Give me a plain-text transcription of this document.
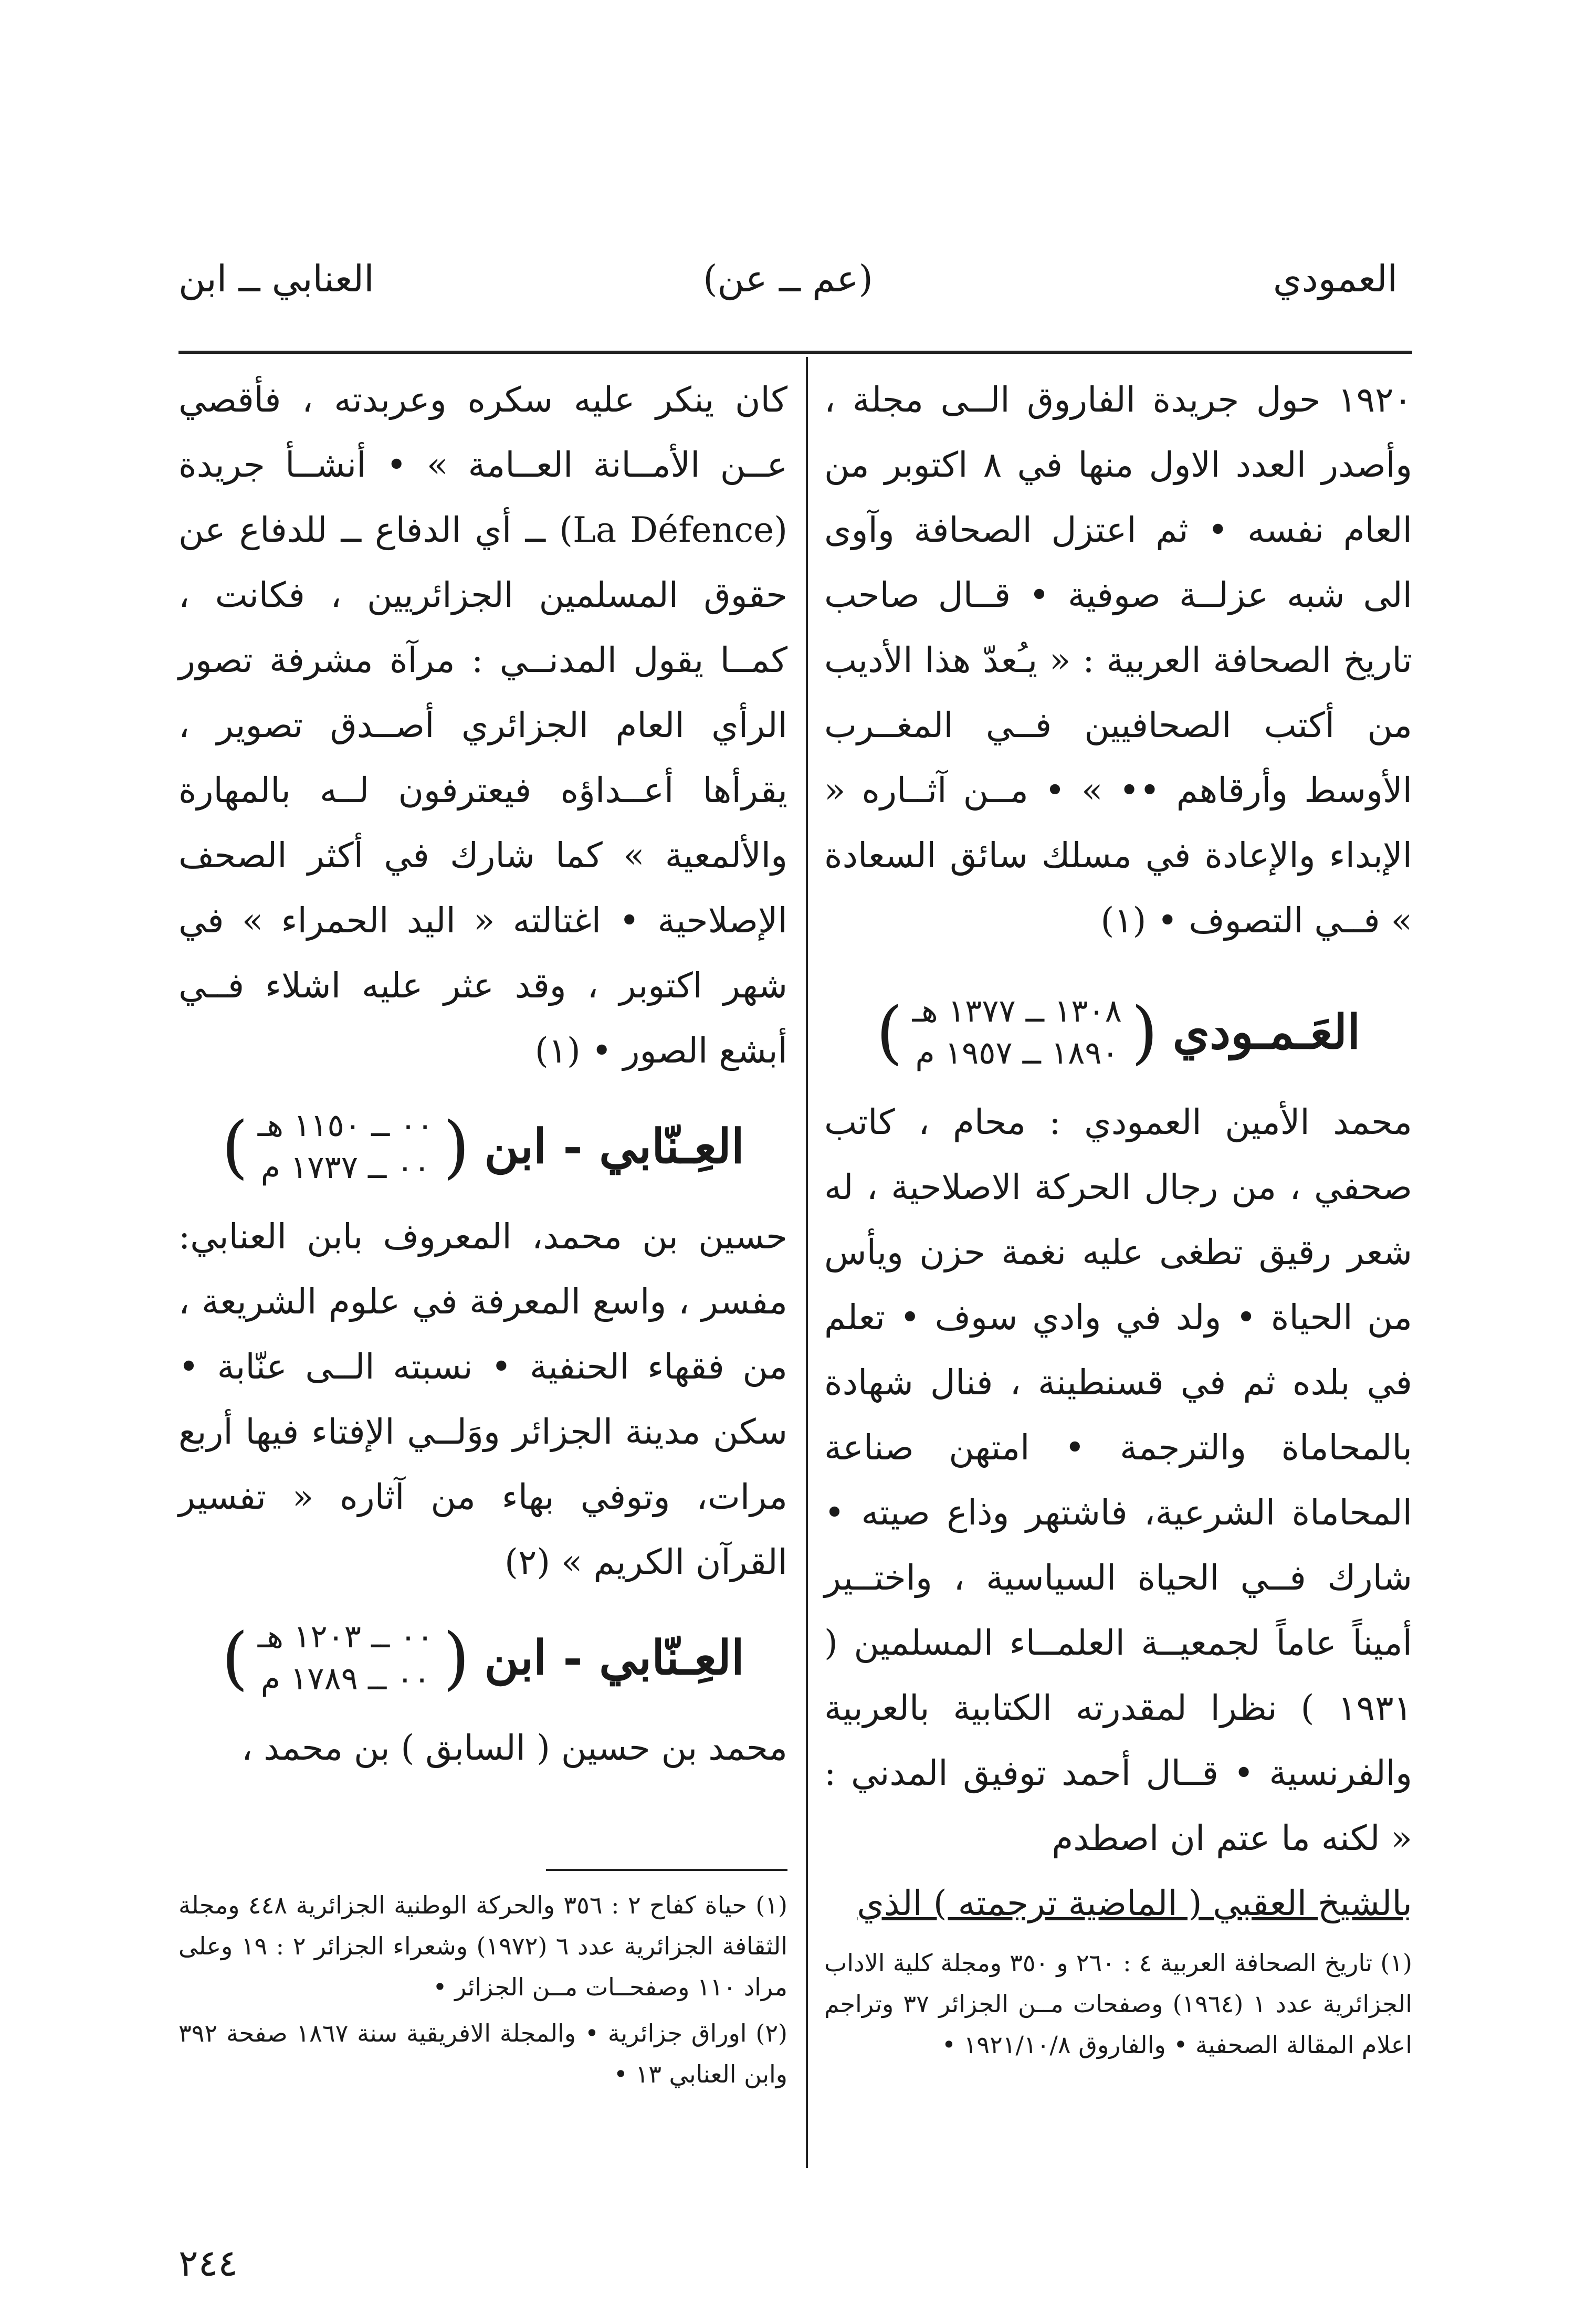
العمودي
(عم ــ عن)
العنابي ــ ابن

١٩٢٠ حول جريدة الفاروق الــى مجلة ، وأصدر العدد الاول منها في ٨ اكتوبر من العام نفسه • ثم اعتزل الصحافة وآوى الى شبه عزلــة صوفية • قــال صاحب تاريخ الصحافة العربية : « يـُعدّ هذا الأديب من أكتب الصحافيين فــي المغــرب الأوسط وأرقاهم •• » • مــن آثــاره « الإبداء والإعادة في مسلك سائق السعادة » فــي التصوف • (١)

العَـمـودي
(
١٣٠٨ ــ ١٣٧٧ هـ
١٨٩٠ ــ ١٩٥٧ م
)

محمد الأمين العمودي : محام ، كاتب صحفي ، من رجال الحركة الاصلاحية ، له شعر رقيق تطغى عليه نغمة حزن ويأس من الحياة • ولد في وادي سوف • تعلم في بلده ثم في قسنطينة ، فنال شهادة بالمحاماة والترجمة • امتهن صناعة المحاماة الشرعية، فاشتهر وذاع صيته • شارك فــي الحياة السياسية ، واختــير أميناً عاماً لجمعيــة العلمــاء المسلمين ( ١٩٣١ ) نظرا لمقدرته الكتابية بالعربية والفرنسية • قــال أحمد توفيق المدني : « لكنه ما عتم ان اصطدم

بالشيخ العقبي ( الماضية ترجمته ) الذي

(١) تاريخ الصحافة العربية ٤ : ٢٦٠ و ٣٥٠ ومجلة كلية الاداب الجزائرية عدد ١ (١٩٦٤) وصفحات مــن الجزائر ٣٧ وتراجم اعلام المقالة الصحفية • والفاروق ١٩٢١/١٠/٨ •

كان ينكر عليه سكره وعربدته ، فأقصي عــن الأمــانة العــامة » • أنشــأ جريدة (La Défence) ــ أي الدفاع ــ للدفاع عن حقوق المسلمين الجزائريين ، فكانت ، كمــا يقول المدنــي : مرآة مشرفة تصور الرأي العام الجزائري أصــدق تصوير ، يقرأها أعــداؤه فيعترفون لــه بالمهارة والألمعية » كما شارك في أكثر الصحف الإصلاحية • اغتالته « اليد الحمراء » في شهر اكتوبر ، وقد عثر عليه اشلاء فــي أبشع الصور • (١)

العِـنّابي - ابن
(
٠٠ ــ ١١٥٠ هـ
٠٠ ــ ١٧٣٧ م
)

حسين بن محمد، المعروف بابن العنابي: مفسر ، واسع المعرفة في علوم الشريعة ، من فقهاء الحنفية • نسبته الــى عنّابة • سكن مدينة الجزائر ووَلــي الإفتاء فيها أربع مرات، وتوفي بهاء من آثاره « تفسير القرآن الكريم » (٢)

العِـنّابي - ابن
(
٠٠ ــ ١٢٠٣ هـ
٠٠ ــ ١٧٨٩ م
)

محمد بن حسين ( السابق ) بن محمد ،

(١) حياة كفاح ٢ : ٣٥٦ والحركة الوطنية الجزائرية ٤٤٨ ومجلة الثقافة الجزائرية عدد ٦ (١٩٧٢) وشعراء الجزائر ٢ : ١٩ وعلى مراد ١١٠ وصفحــات مــن الجزائر •

(٢) اوراق جزائرية • والمجلة الافريقية سنة ١٨٦٧ صفحة ٣٩٢ وابن العنابي ١٣ •

٢٤٤
